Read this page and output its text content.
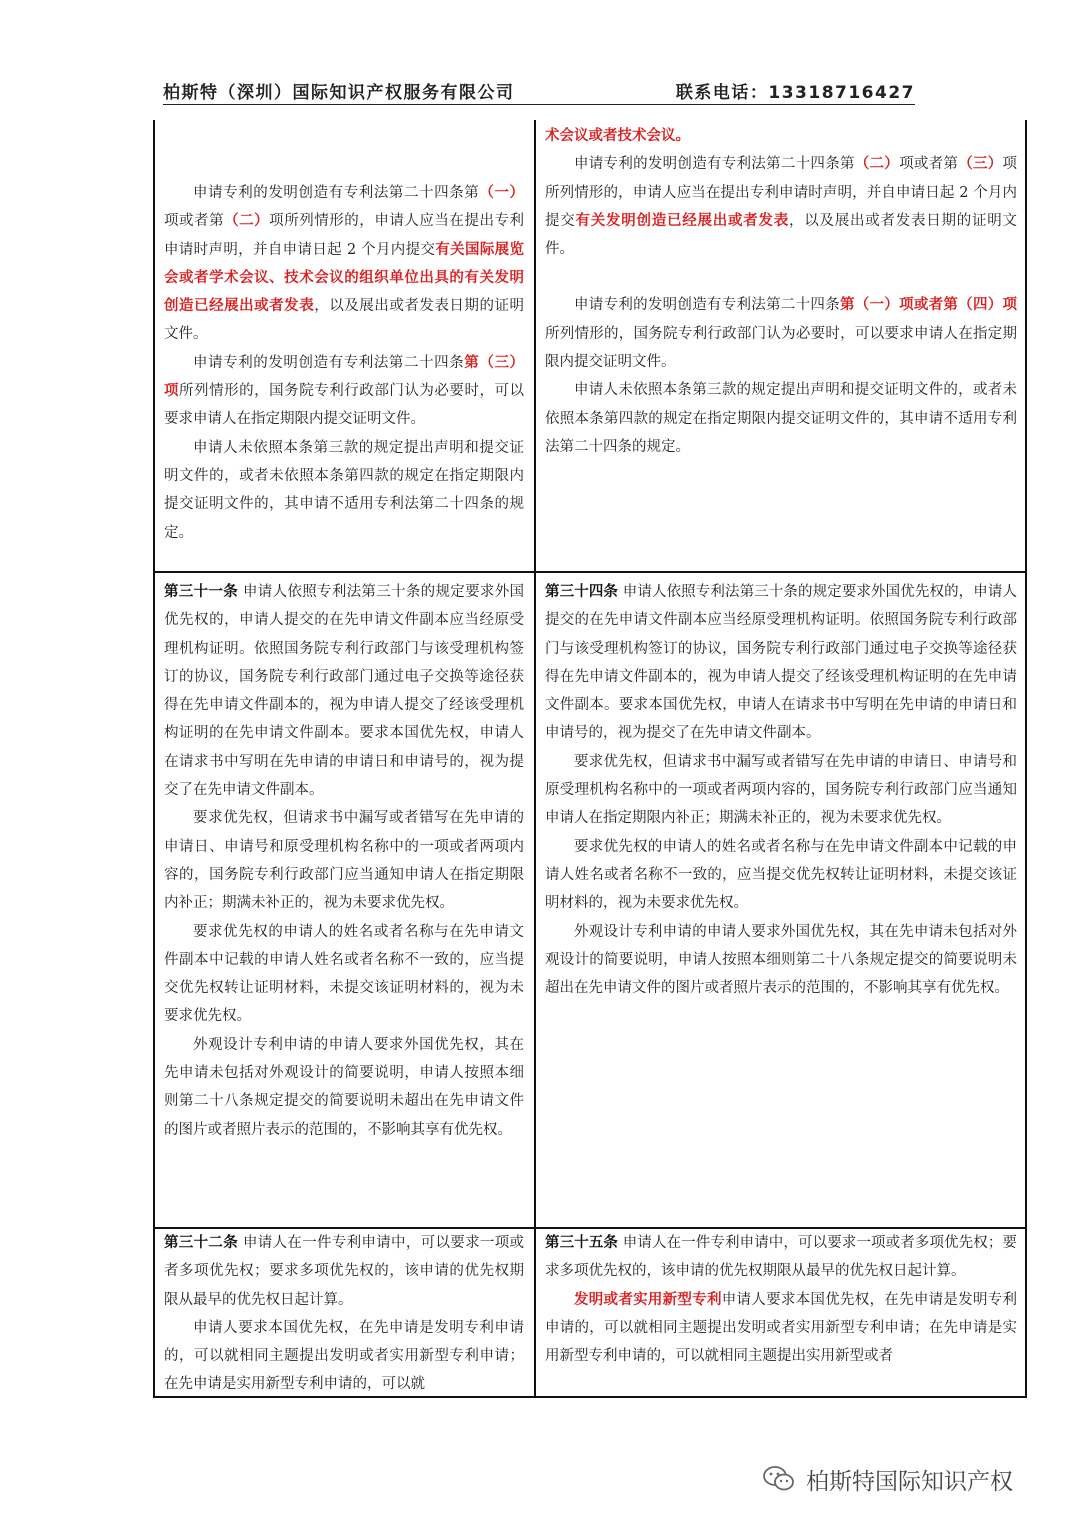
柏斯特（深圳）国际知识产权服务有限公司	联系电话：13318716427

申请专利的发明创造有专利法第二十四条第（一）项或者第（二）项所列情形的，申请人应当在提出专利申请时声明，并自申请日起 2 个月内提交有关国际展览会或者学术会议、技术会议的组织单位出具的有关发明创造已经展出或者发表，以及展出或者发表日期的证明文件。

申请专利的发明创造有专利法第二十四条第（三）项所列情形的，国务院专利行政部门认为必要时，可以要求申请人在指定期限内提交证明文件。

申请人未依照本条第三款的规定提出声明和提交证明文件的，或者未依照本条第四款的规定在指定期限内提交证明文件的，其申请不适用专利法第二十四条的规定。

术会议或者技术会议。

申请专利的发明创造有专利法第二十四条第（二）项或者第（三）项所列情形的，申请人应当在提出专利申请时声明，并自申请日起 2 个月内提交有关发明创造已经展出或者发表，以及展出或者发表日期的证明文件。

申请专利的发明创造有专利法第二十四条第（一）项或者第（四）项所列情形的，国务院专利行政部门认为必要时，可以要求申请人在指定期限内提交证明文件。

申请人未依照本条第三款的规定提出声明和提交证明文件的，或者未依照本条第四款的规定在指定期限内提交证明文件的，其申请不适用专利法第二十四条的规定。

第三十一条 申请人依照专利法第三十条的规定要求外国优先权的，申请人提交的在先申请文件副本应当经原受理机构证明。依照国务院专利行政部门与该受理机构签订的协议，国务院专利行政部门通过电子交换等途径获得在先申请文件副本的，视为申请人提交了经该受理机构证明的在先申请文件副本。要求本国优先权，申请人在请求书中写明在先申请的申请日和申请号的，视为提交了在先申请文件副本。

要求优先权，但请求书中漏写或者错写在先申请的申请日、申请号和原受理机构名称中的一项或者两项内容的，国务院专利行政部门应当通知申请人在指定期限内补正；期满未补正的，视为未要求优先权。

要求优先权的申请人的姓名或者名称与在先申请文件副本中记载的申请人姓名或者名称不一致的，应当提交优先权转让证明材料，未提交该证明材料的，视为未要求优先权。

外观设计专利申请的申请人要求外国优先权，其在先申请未包括对外观设计的简要说明，申请人按照本细则第二十八条规定提交的简要说明未超出在先申请文件的图片或者照片表示的范围的，不影响其享有优先权。

第三十四条 申请人依照专利法第三十条的规定要求外国优先权的，申请人提交的在先申请文件副本应当经原受理机构证明。依照国务院专利行政部门与该受理机构签订的协议，国务院专利行政部门通过电子交换等途径获得在先申请文件副本的，视为申请人提交了经该受理机构证明的在先申请文件副本。要求本国优先权，申请人在请求书中写明在先申请的申请日和申请号的，视为提交了在先申请文件副本。

要求优先权，但请求书中漏写或者错写在先申请的申请日、申请号和原受理机构名称中的一项或者两项内容的，国务院专利行政部门应当通知申请人在指定期限内补正；期满未补正的，视为未要求优先权。

要求优先权的申请人的姓名或者名称与在先申请文件副本中记载的申请人姓名或者名称不一致的，应当提交优先权转让证明材料，未提交该证明材料的，视为未要求优先权。

外观设计专利申请的申请人要求外国优先权，其在先申请未包括对外观设计的简要说明，申请人按照本细则第二十八条规定提交的简要说明未超出在先申请文件的图片或者照片表示的范围的，不影响其享有优先权。

第三十二条 申请人在一件专利申请中，可以要求一项或者多项优先权；要求多项优先权的，该申请的优先权期限从最早的优先权日起计算。

申请人要求本国优先权，在先申请是发明专利申请的，可以就相同主题提出发明或者实用新型专利申请；在先申请是实用新型专利申请的，可以就

第三十五条 申请人在一件专利申请中，可以要求一项或者多项优先权；要求多项优先权的，该申请的优先权期限从最早的优先权日起计算。

发明或者实用新型专利申请人要求本国优先权，在先申请是发明专利申请的，可以就相同主题提出发明或者实用新型专利申请；在先申请是实用新型专利申请的，可以就相同主题提出实用新型或者

柏斯特国际知识产权
